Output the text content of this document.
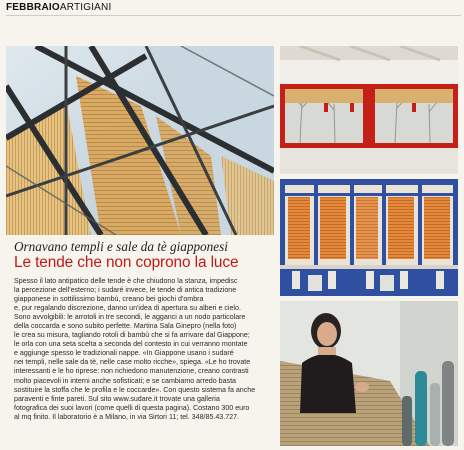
FEBBRAIOARTIGIANI
Ornavano templi e sale da tè giapponesi
Le tende che non coprono la luce
Spesso il lato antipatico delle tende è che chiudono la stanza, impedisc
la percezione dell'esterno; i sudaré invece, le tende di antica tradizione
giapponese in sottilissimo bambù, creano bei giochi d'ombra
e, pur regalando discrezione, danno un'idea di apertura su alberi e cielo.
Sono avvolgibili: le arrotoli in tre secondi, le agganci a un nodo particolare
della coccarda e sono subito perfette. Martina Sala Ginepro (nella foto)
le crea su misura, tagliando rotoli di bambù che si fa arrivare dal Giappone;
le orla con una seta scelta a seconda del contesto in cui verranno montate
e aggiunge spesso le tradizionali nappe. «In Giappone usano i sudaré
nei templi, nelle sale da tè, nelle case molto ricche», spiega. «Le ho trovate
interessanti e le ho riprese: non richiedono manutenzione, creano contrasti
molto piacevoli in interni anche sofisticati; e se cambiamo arredo basta
sostituire la stoffa che le profila e le coccarde». Con questo sistema fa anche
paraventi e finte pareti. Sul sito www.sudare.it trovate una galleria
fotografica dei suoi lavori (come quelli di questa pagina). Costano 300 euro
al mq finito. Il laboratorio è a Milano, in via Sirtori 11; tel. 348/85.43.727.
